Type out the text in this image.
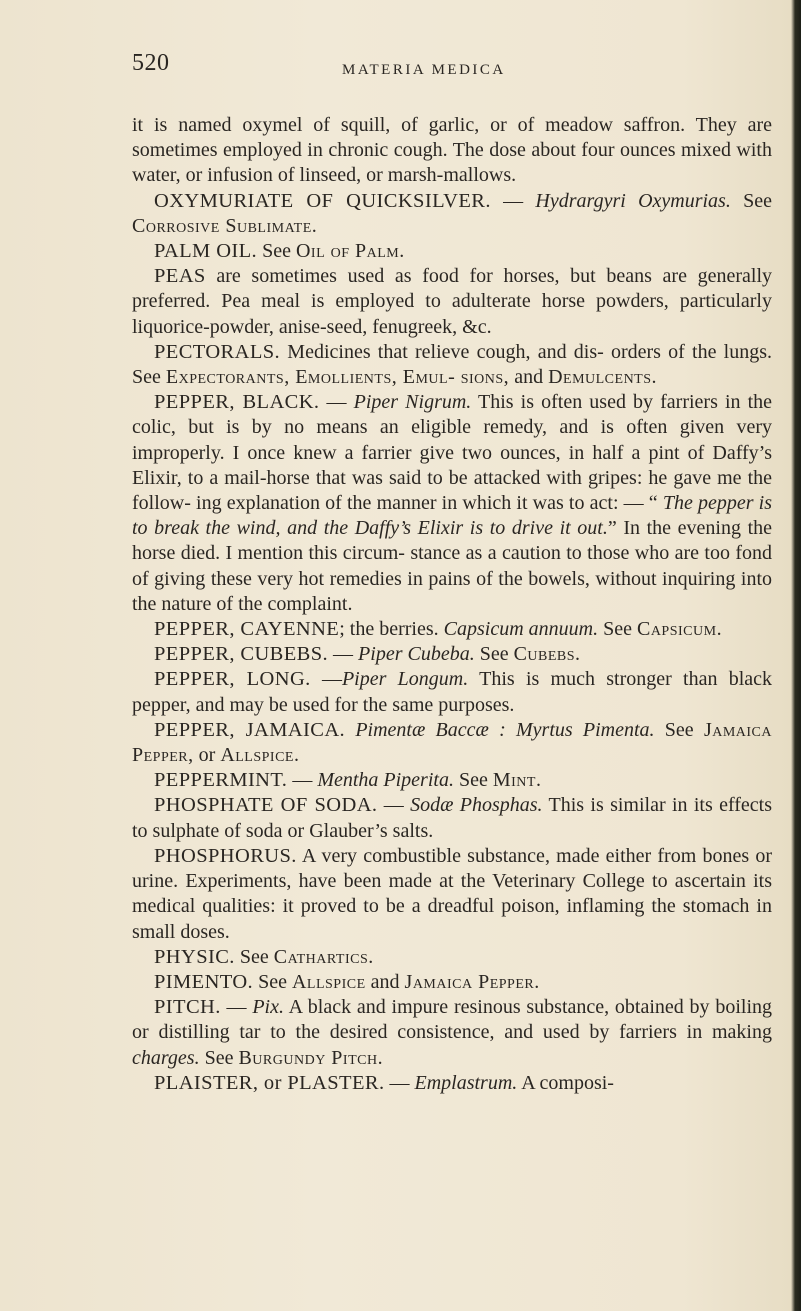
520	MATERIA MEDICA

it is named oxymel of squill, of garlic, or of meadow saffron. They are sometimes employed in chronic cough. The dose about four ounces mixed with water, or infusion of linseed, or marsh-mallows.

OXYMURIATE OF QUICKSILVER. — Hydrargyri Oxymurias. See Corrosive Sublimate.

PALM OIL. See Oil of Palm.

PEAS are sometimes used as food for horses, but beans are generally preferred. Pea meal is employed to adulterate horse powders, particularly liquorice-powder, anise-seed, fenugreek, &c.

PECTORALS. Medicines that relieve cough, and dis- orders of the lungs. See Expectorants, Emollients, Emul- sions, and Demulcents.

PEPPER, BLACK. — Piper Nigrum. This is often used by farriers in the colic, but is by no means an eligible remedy, and is often given very improperly. I once knew a farrier give two ounces, in half a pint of Daffy’s Elixir, to a mail-horse that was said to be attacked with gripes: he gave me the follow- ing explanation of the manner in which it was to act: — “ The pepper is to break the wind, and the Daffy’s Elixir is to drive it out.” In the evening the horse died. I mention this circum- stance as a caution to those who are too fond of giving these very hot remedies in pains of the bowels, without inquiring into the nature of the complaint.

PEPPER, CAYENNE; the berries. Capsicum annuum. See Capsicum.

PEPPER, CUBEBS. — Piper Cubeba. See Cubebs.

PEPPER, LONG. —Piper Longum. This is much stronger than black pepper, and may be used for the same purposes.

PEPPER, JAMAICA. Pimentæ Baccæ : Myrtus Pimenta. See Jamaica Pepper, or Allspice.

PEPPERMINT. — Mentha Piperita. See Mint.

PHOSPHATE OF SODA. — Sodæ Phosphas. This is similar in its effects to sulphate of soda or Glauber’s salts.

PHOSPHORUS. A very combustible substance, made either from bones or urine. Experiments, have been made at the Veterinary College to ascertain its medical qualities: it proved to be a dreadful poison, inflaming the stomach in small doses.

PHYSIC. See Cathartics.

PIMENTO. See Allspice and Jamaica Pepper.

PITCH. — Pix. A black and impure resinous substance, obtained by boiling or distilling tar to the desired consistence, and used by farriers in making charges. See Burgundy Pitch.

PLAISTER, or PLASTER. — Emplastrum. A composi-
